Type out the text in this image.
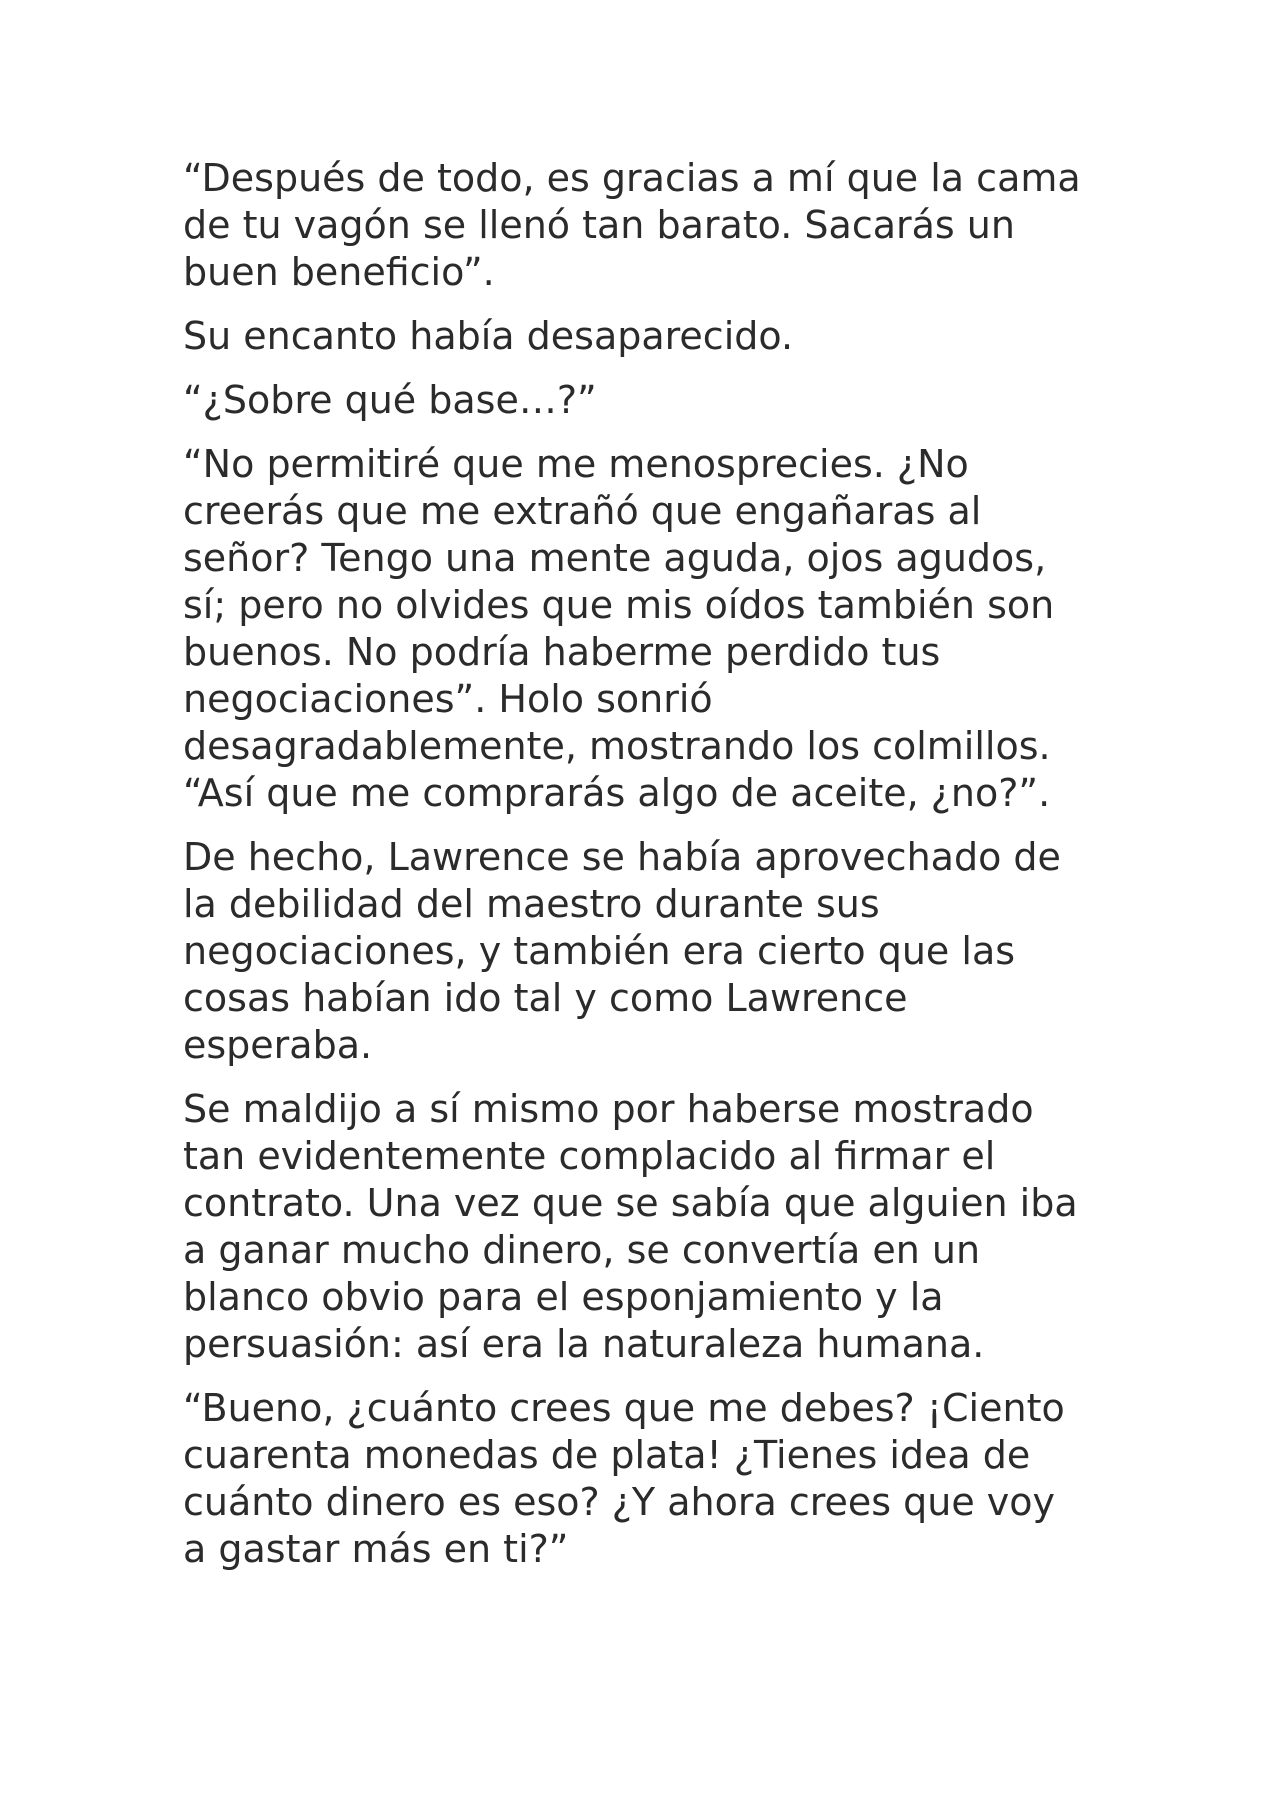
“Después de todo, es gracias a mí que la cama
de tu vagón se llenó tan barato. Sacarás un
buen beneficio”.

Su encanto había desaparecido.

“¿Sobre qué base…?”

“No permitiré que me menosprecies. ¿No
creerás que me extrañó que engañaras al
señor? Tengo una mente aguda, ojos agudos,
sí; pero no olvides que mis oídos también son
buenos. No podría haberme perdido tus
negociaciones”. Holo sonrió
desagradablemente, mostrando los colmillos.
“Así que me comprarás algo de aceite, ¿no?”.

De hecho, Lawrence se había aprovechado de
la debilidad del maestro durante sus
negociaciones, y también era cierto que las
cosas habían ido tal y como Lawrence
esperaba.

Se maldijo a sí mismo por haberse mostrado
tan evidentemente complacido al firmar el
contrato. Una vez que se sabía que alguien iba
a ganar mucho dinero, se convertía en un
blanco obvio para el esponjamiento y la
persuasión: así era la naturaleza humana.

“Bueno, ¿cuánto crees que me debes? ¡Ciento
cuarenta monedas de plata! ¿Tienes idea de
cuánto dinero es eso? ¿Y ahora crees que voy
a gastar más en ti?”
